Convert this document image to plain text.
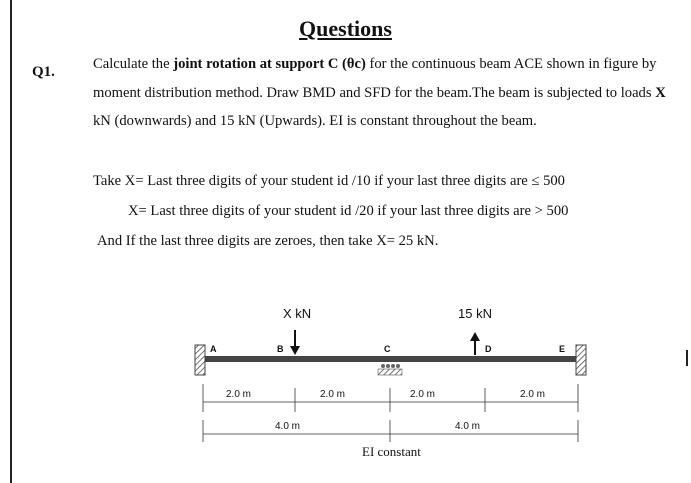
Questions
Q1.	Calculate the joint rotation at support C (θc) for the continuous beam ACE shown in figure by moment distribution method. Draw BMD and SFD for the beam.The beam is subjected to loads X kN (downwards) and 15 kN (Upwards). EI is constant throughout the beam.
Take X= Last three digits of your student id /10 if your last three digits are ≤ 500
X= Last three digits of your student id /20 if your last three digits are > 500
And If the last three digits are zeroes, then take X= 25 kN.
X kN	15 kN
A	B	C	D	E
2.0 m	2.0 m	2.0 m	2.0 m
4.0 m	4.0 m
EI constant
